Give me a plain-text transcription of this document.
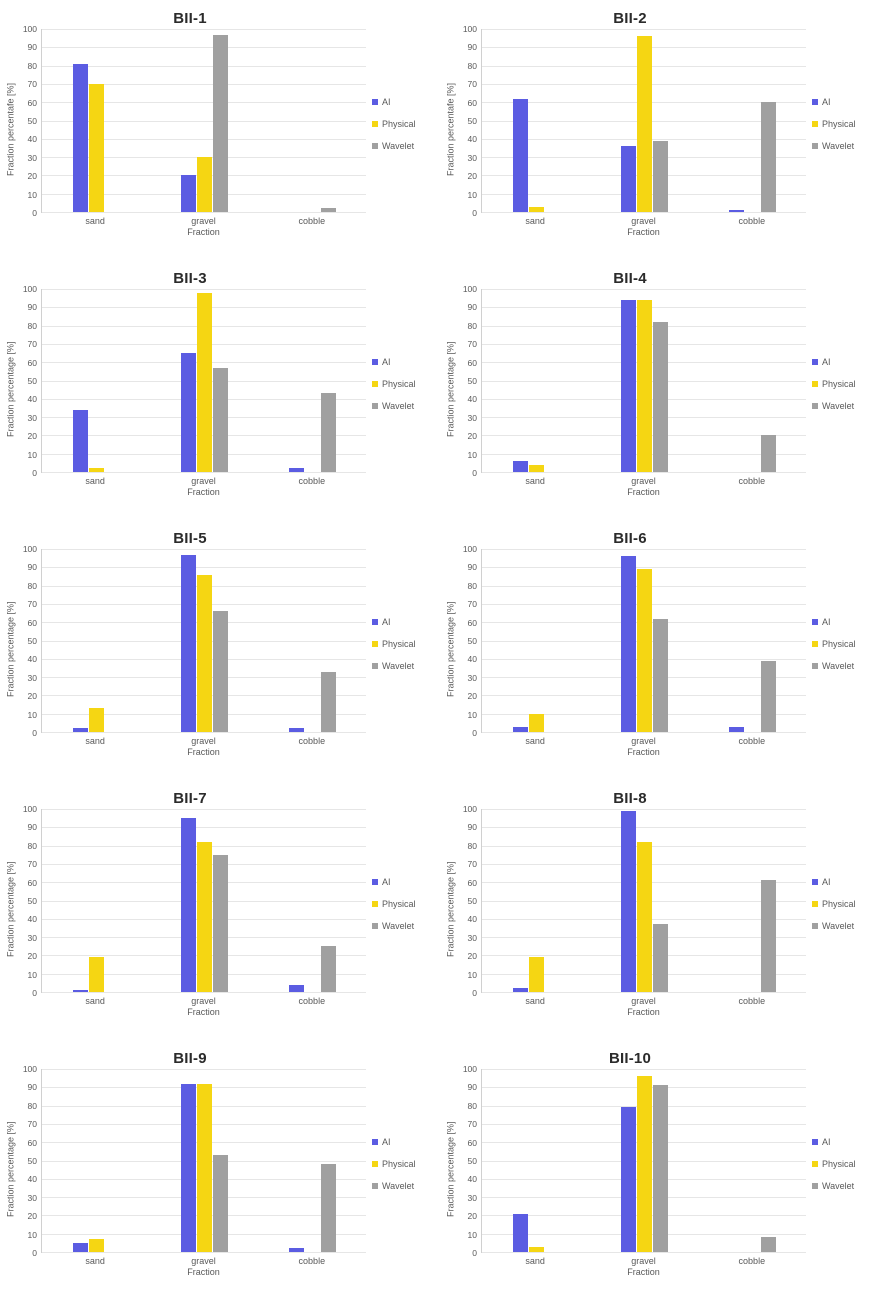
BII-1
Fraction percentafe [%]
0
10
20
30
40
50
60
70
80
90
100
sand	gravel	cobble
Fraction
AI
Physical
Wavelet
BII-2
Fraction percentafe [%]
0
10
20
30
40
50
60
70
80
90
100
sand	gravel	cobble
Fraction
AI
Physical
Wavelet
BII-3
Fraction percentage [%]
0
10
20
30
40
50
60
70
80
90
100
sand	gravel	cobble
Fraction
AI
Physical
Wavelet
BII-4
Fraction percentage [%]
0
10
20
30
40
50
60
70
80
90
100
sand	gravel	cobble
Fraction
AI
Physical
Wavelet
BII-5
Fraction percentage [%]
0
10
20
30
40
50
60
70
80
90
100
sand	gravel	cobble
Fraction
AI
Physical
Wavelet
BII-6
Fraction percentage [%]
0
10
20
30
40
50
60
70
80
90
100
sand	gravel	cobble
Fraction
AI
Physical
Wavelet
BII-7
Fraction percentage [%]
0
10
20
30
40
50
60
70
80
90
100
sand	gravel	cobble
Fraction
AI
Physical
Wavelet
BII-8
Fraction percentage [%]
0
10
20
30
40
50
60
70
80
90
100
sand	gravel	cobble
Fraction
AI
Physical
Wavelet
BII-9
Fraction percentage [%]
0
10
20
30
40
50
60
70
80
90
100
sand	gravel	cobble
Fraction
AI
Physical
Wavelet
BII-10
Fraction percentage [%]
0
10
20
30
40
50
60
70
80
90
100
sand	gravel	cobble
Fraction
AI
Physical
Wavelet
